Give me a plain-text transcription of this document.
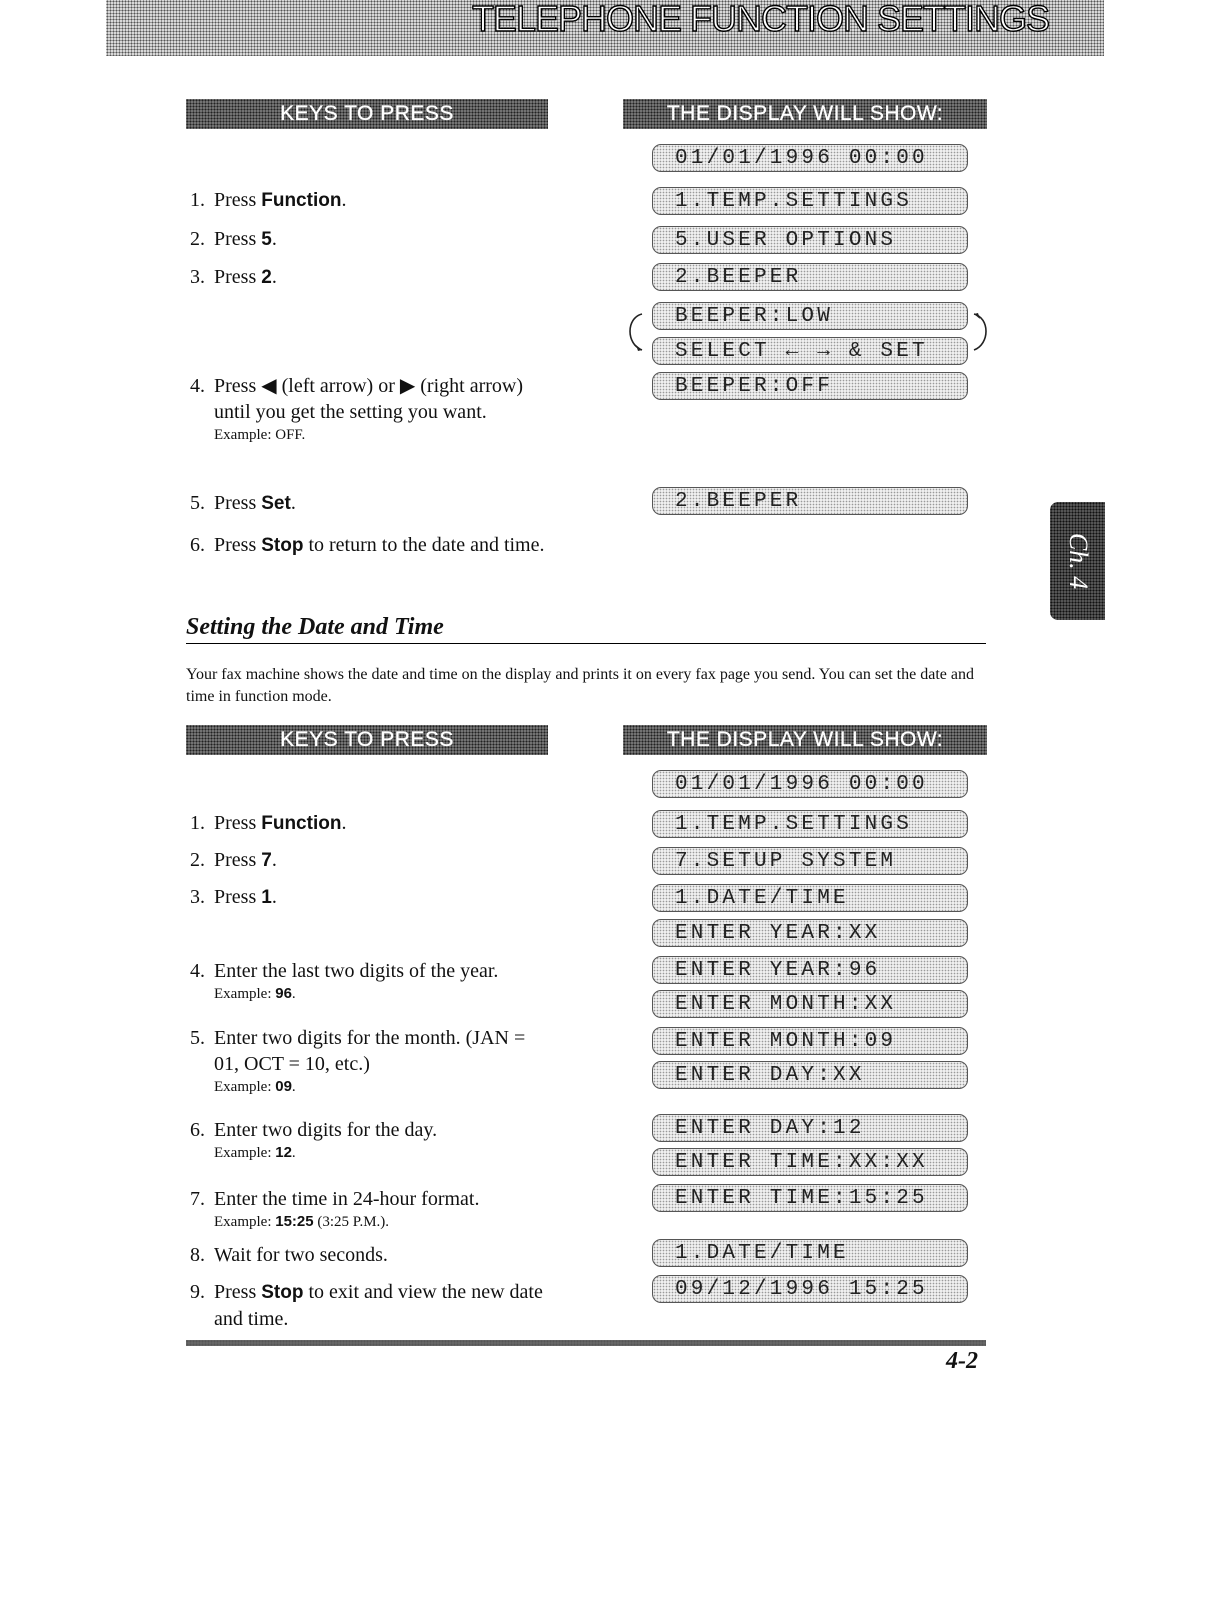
TELEPHONE FUNCTION SETTINGS
KEYS TO PRESS	THE DISPLAY WILL SHOW:
1. Press Function.
2. Press 5.
3. Press 2.
4. Press ◀ (left arrow) or ▶ (right arrow) until you get the setting you want.
Example: OFF.
5. Press Set.
6. Press Stop to return to the date and time.
01/01/1996 00:00
1.TEMP.SETTINGS
5.USER OPTIONS
2.BEEPER
BEEPER:LOW
SELECT ← → & SET
BEEPER:OFF
2.BEEPER
Ch. 4
Setting the Date and Time
Your fax machine shows the date and time on the display and prints it on every fax page you send. You can set the date and time in function mode.
KEYS TO PRESS	THE DISPLAY WILL SHOW:
1. Press Function.
2. Press 7.
3. Press 1.
4. Enter the last two digits of the year.
Example: 96.
5. Enter two digits for the month. (JAN = 01, OCT = 10, etc.)
Example: 09.
6. Enter two digits for the day.
Example: 12.
7. Enter the time in 24-hour format.
Example: 15:25 (3:25 P.M.).
8. Wait for two seconds.
9. Press Stop to exit and view the new date and time.
01/01/1996 00:00
1.TEMP.SETTINGS
7.SETUP SYSTEM
1.DATE/TIME
ENTER YEAR:XX
ENTER YEAR:96
ENTER MONTH:XX
ENTER MONTH:09
ENTER DAY:XX
ENTER DAY:12
ENTER TIME:XX:XX
ENTER TIME:15:25
1.DATE/TIME
09/12/1996 15:25
4-2
